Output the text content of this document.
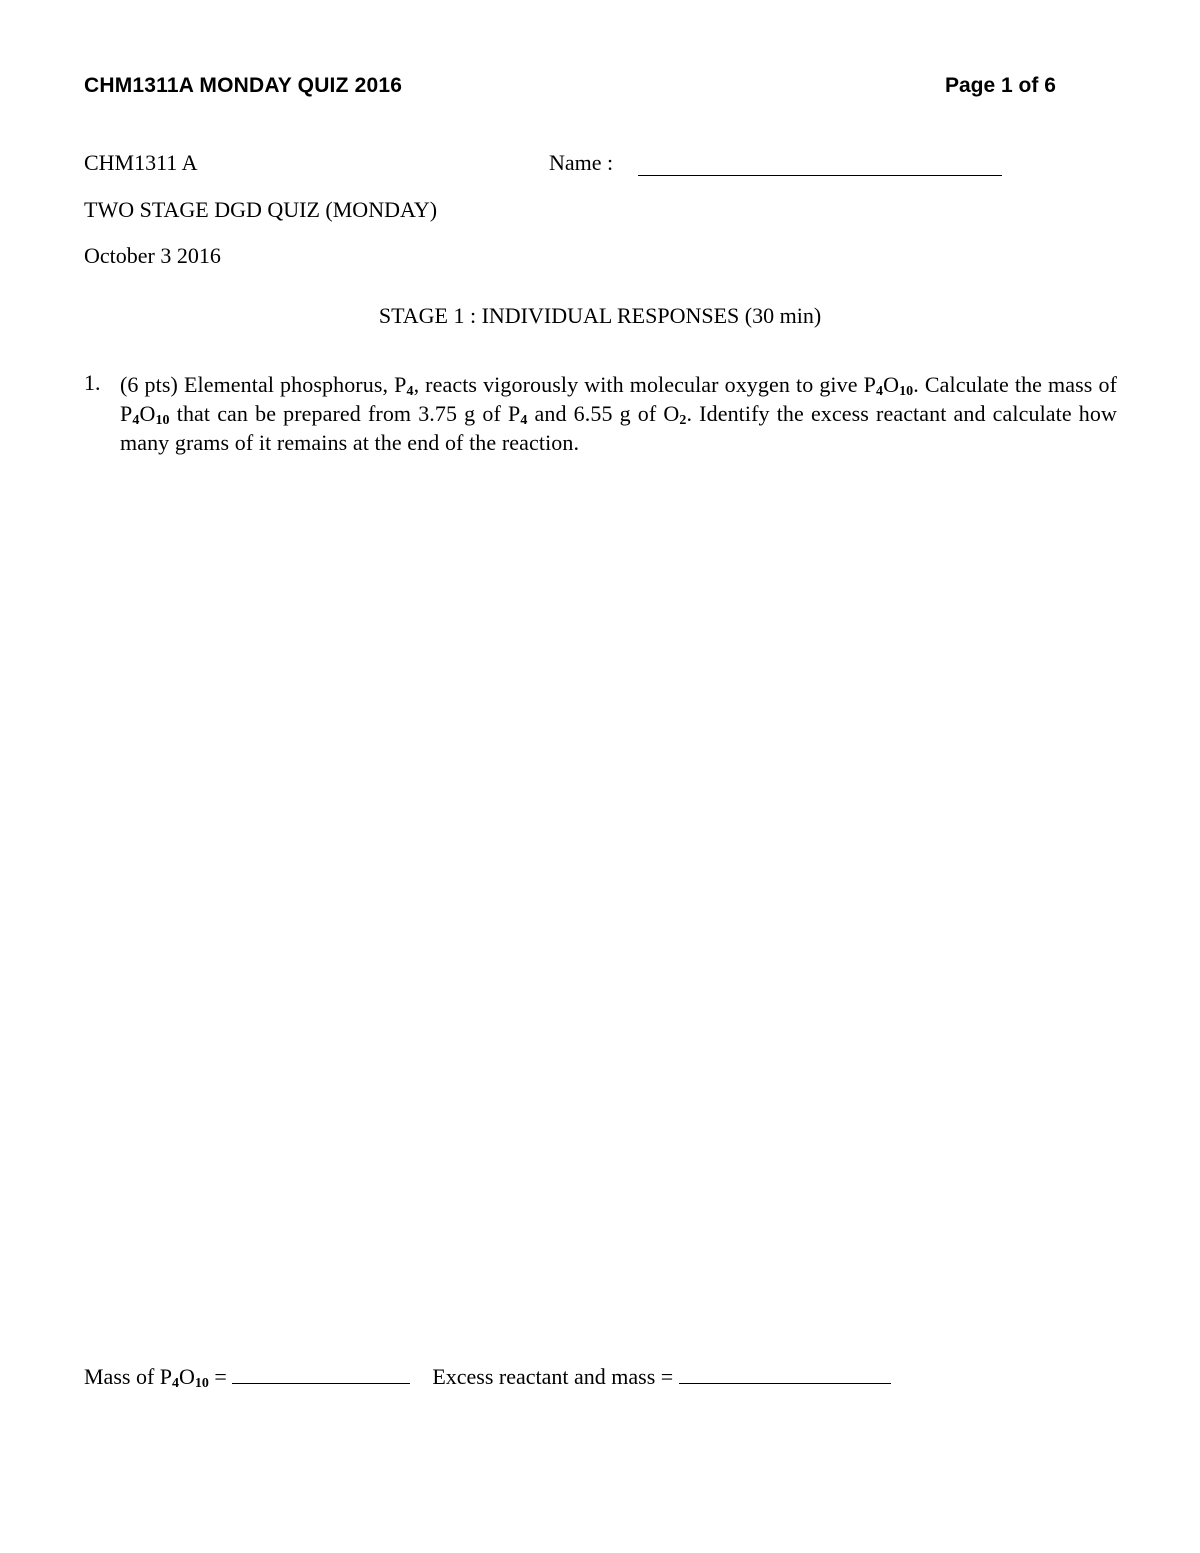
CHM1311A MONDAY QUIZ 2016	Page 1 of 6
CHM1311 A	Name :
TWO STAGE DGD QUIZ (MONDAY)
October 3 2016
STAGE 1 : INDIVIDUAL RESPONSES (30 min)
1. (6 pts) Elemental phosphorus, $P_4$, reacts vigorously with molecular oxygen to give $P_4O_{10}$. Calculate the mass of $P_4O_{10}$ that can be prepared from 3.75 g of $P_4$ and 6.55 g of $O_2$. Identify the excess reactant and calculate how many grams of it remains at the end of the reaction.
Mass of $P_4O_{10}$ =	Excess reactant and mass =
